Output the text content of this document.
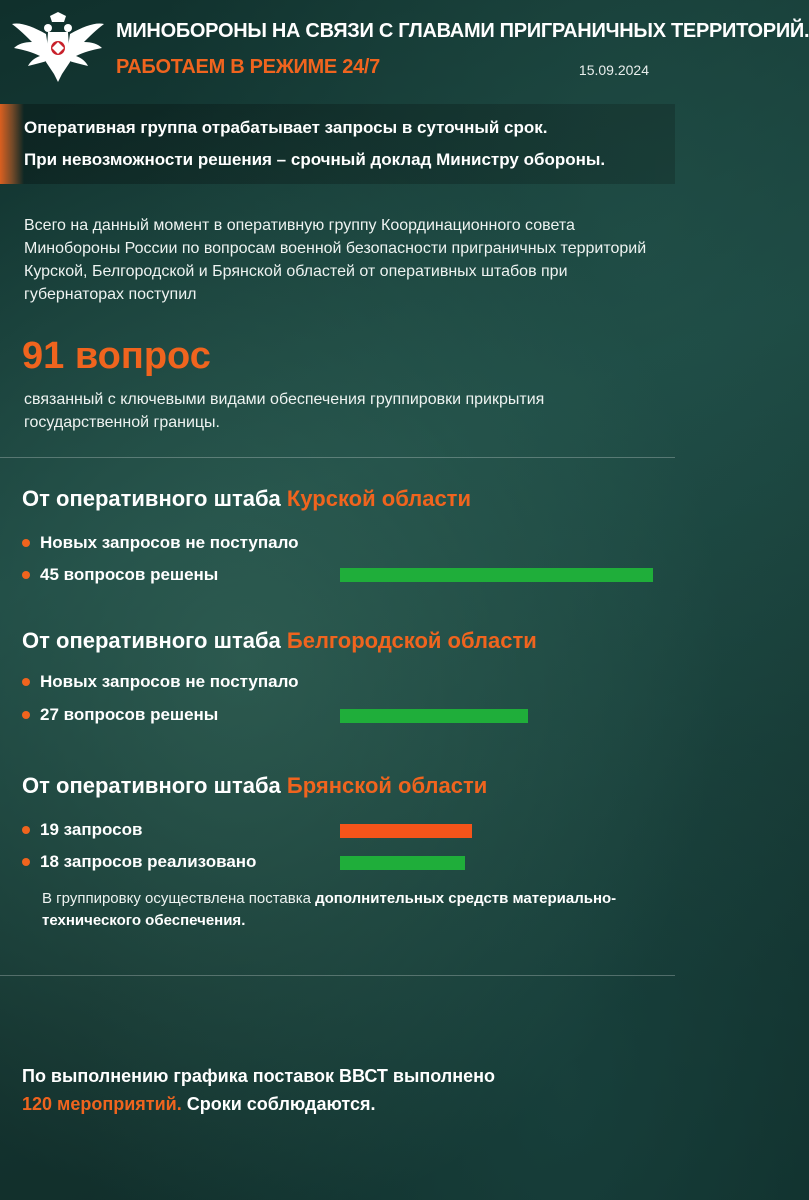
МИНОБОРОНЫ НА СВЯЗИ С ГЛАВАМИ ПРИГРАНИЧНЫХ ТЕРРИТОРИЙ.
РАБОТАЕМ В РЕЖИМЕ 24/7	15.09.2024
Оперативная группа отрабатывает запросы в суточный срок.
При невозможности решения – срочный доклад Министру обороны.
Всего на данный момент в оперативную группу Координационного совета Минобороны России по вопросам военной безопасности приграничных территорий Курской, Белгородской и Брянской областей от оперативных штабов при губернаторах поступил
91 вопрос
связанный с ключевыми видами обеспечения группировки прикрытия государственной границы.
От оперативного штаба Курской области
Новых запросов не поступало
45 вопросов решены
От оперативного штаба Белгородской области
Новых запросов не поступало
27 вопросов решены
От оперативного штаба Брянской области
19 запросов
18 запросов реализовано
В группировку осуществлена поставка дополнительных средств материально-технического обеспечения.
По выполнению графика поставок ВВСТ выполнено
120 мероприятий. Сроки соблюдаются.
